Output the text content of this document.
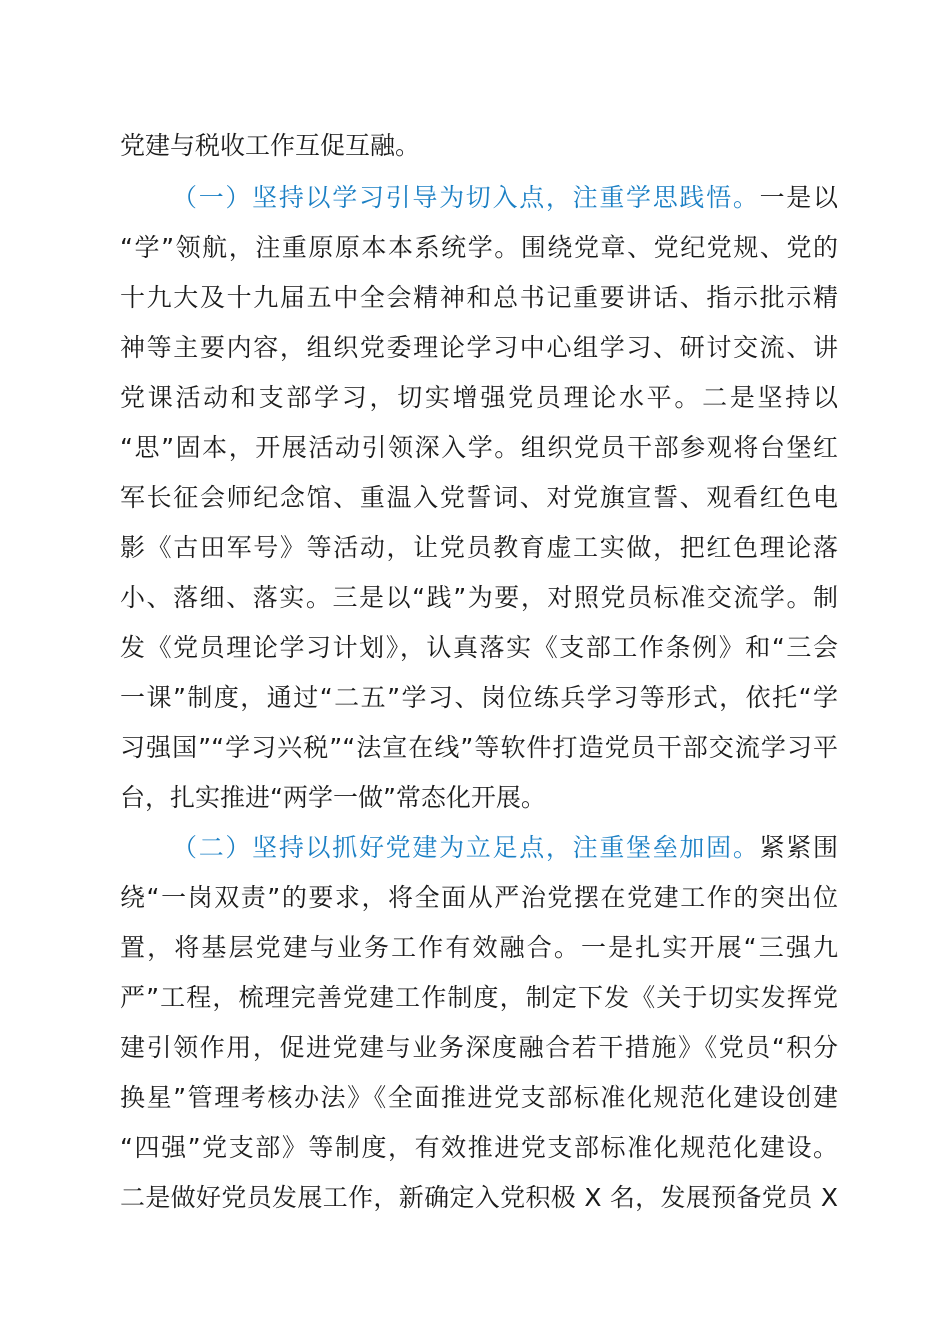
党建与税收工作互促互融。
（一）坚持以学习引导为切入点，注重学思践悟。一是以
“学”领航，注重原原本本系统学。围绕党章、党纪党规、党的
十九大及十九届五中全会精神和总书记重要讲话、指示批示精
神等主要内容，组织党委理论学习中心组学习、研讨交流、讲
党课活动和支部学习，切实增强党员理论水平。二是坚持以
“思”固本，开展活动引领深入学。组织党员干部参观将台堡红
军长征会师纪念馆、重温入党誓词、对党旗宣誓、观看红色电
影《古田军号》等活动，让党员教育虚工实做，把红色理论落
小、落细、落实。三是以“践”为要，对照党员标准交流学。制
发《党员理论学习计划》，认真落实《支部工作条例》和“三会
一课”制度，通过“二五”学习、岗位练兵学习等形式，依托“学
习强国”“学习兴税”“法宣在线”等软件打造党员干部交流学习平
台，扎实推进“两学一做”常态化开展。
（二）坚持以抓好党建为立足点，注重堡垒加固。紧紧围
绕“一岗双责”的要求，将全面从严治党摆在党建工作的突出位
置，将基层党建与业务工作有效融合。一是扎实开展“三强九
严”工程，梳理完善党建工作制度，制定下发《关于切实发挥党
建引领作用，促进党建与业务深度融合若干措施》《党员“积分
换星”管理考核办法》《全面推进党支部标准化规范化建设创建
“四强”党支部》等制度，有效推进党支部标准化规范化建设。
二是做好党员发展工作，新确定入党积极 X 名，发展预备党员 X
